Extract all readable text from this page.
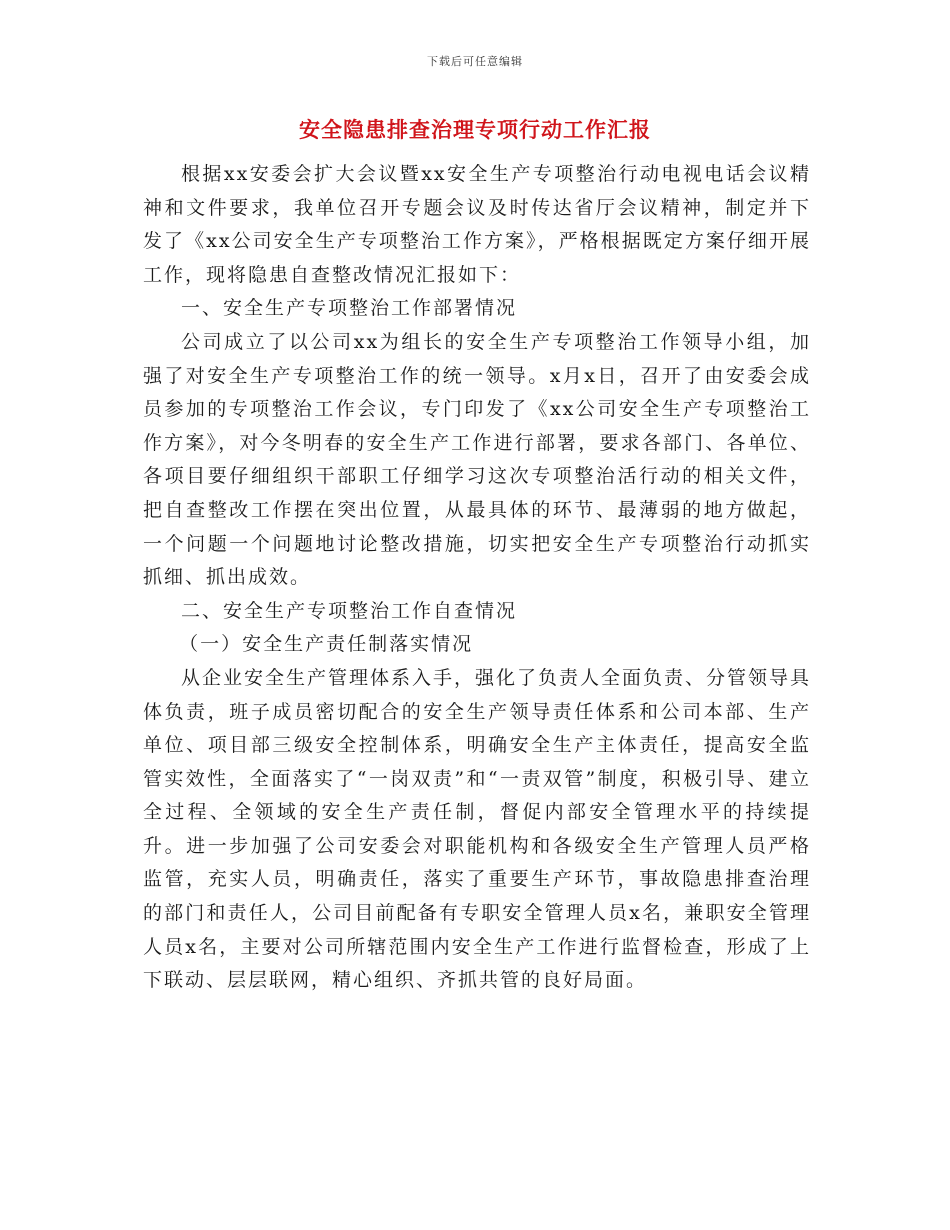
下载后可任意编辑
安全隐患排查治理专项行动工作汇报

根据xx安委会扩大会议暨xx安全生产专项整治行动电视电话会议精神和文件要求，我单位召开专题会议及时传达省厅会议精神，制定并下发了《xx公司安全生产专项整治工作方案》，严格根据既定方案仔细开展工作，现将隐患自查整改情况汇报如下：

一、安全生产专项整治工作部署情况

公司成立了以公司xx为组长的安全生产专项整治工作领导小组，加强了对安全生产专项整治工作的统一领导。x月x日，召开了由安委会成员参加的专项整治工作会议，专门印发了《xx公司安全生产专项整治工作方案》，对今冬明春的安全生产工作进行部署，要求各部门、各单位、各项目要仔细组织干部职工仔细学习这次专项整治活行动的相关文件，把自查整改工作摆在突出位置，从最具体的环节、最薄弱的地方做起，一个问题一个问题地讨论整改措施，切实把安全生产专项整治行动抓实抓细、抓出成效。

二、安全生产专项整治工作自查情况

（一）安全生产责任制落实情况

从企业安全生产管理体系入手，强化了负责人全面负责、分管领导具体负责，班子成员密切配合的安全生产领导责任体系和公司本部、生产单位、项目部三级安全控制体系，明确安全生产主体责任，提高安全监管实效性，全面落实了“一岗双责”和“一责双管”制度，积极引导、建立全过程、全领域的安全生产责任制，督促内部安全管理水平的持续提升。进一步加强了公司安委会对职能机构和各级安全生产管理人员严格监管，充实人员，明确责任，落实了重要生产环节，事故隐患排查治理的部门和责任人，公司目前配备有专职安全管理人员x名，兼职安全管理人员x名，主要对公司所辖范围内安全生产工作进行监督检查，形成了上下联动、层层联网，精心组织、齐抓共管的良好局面。
